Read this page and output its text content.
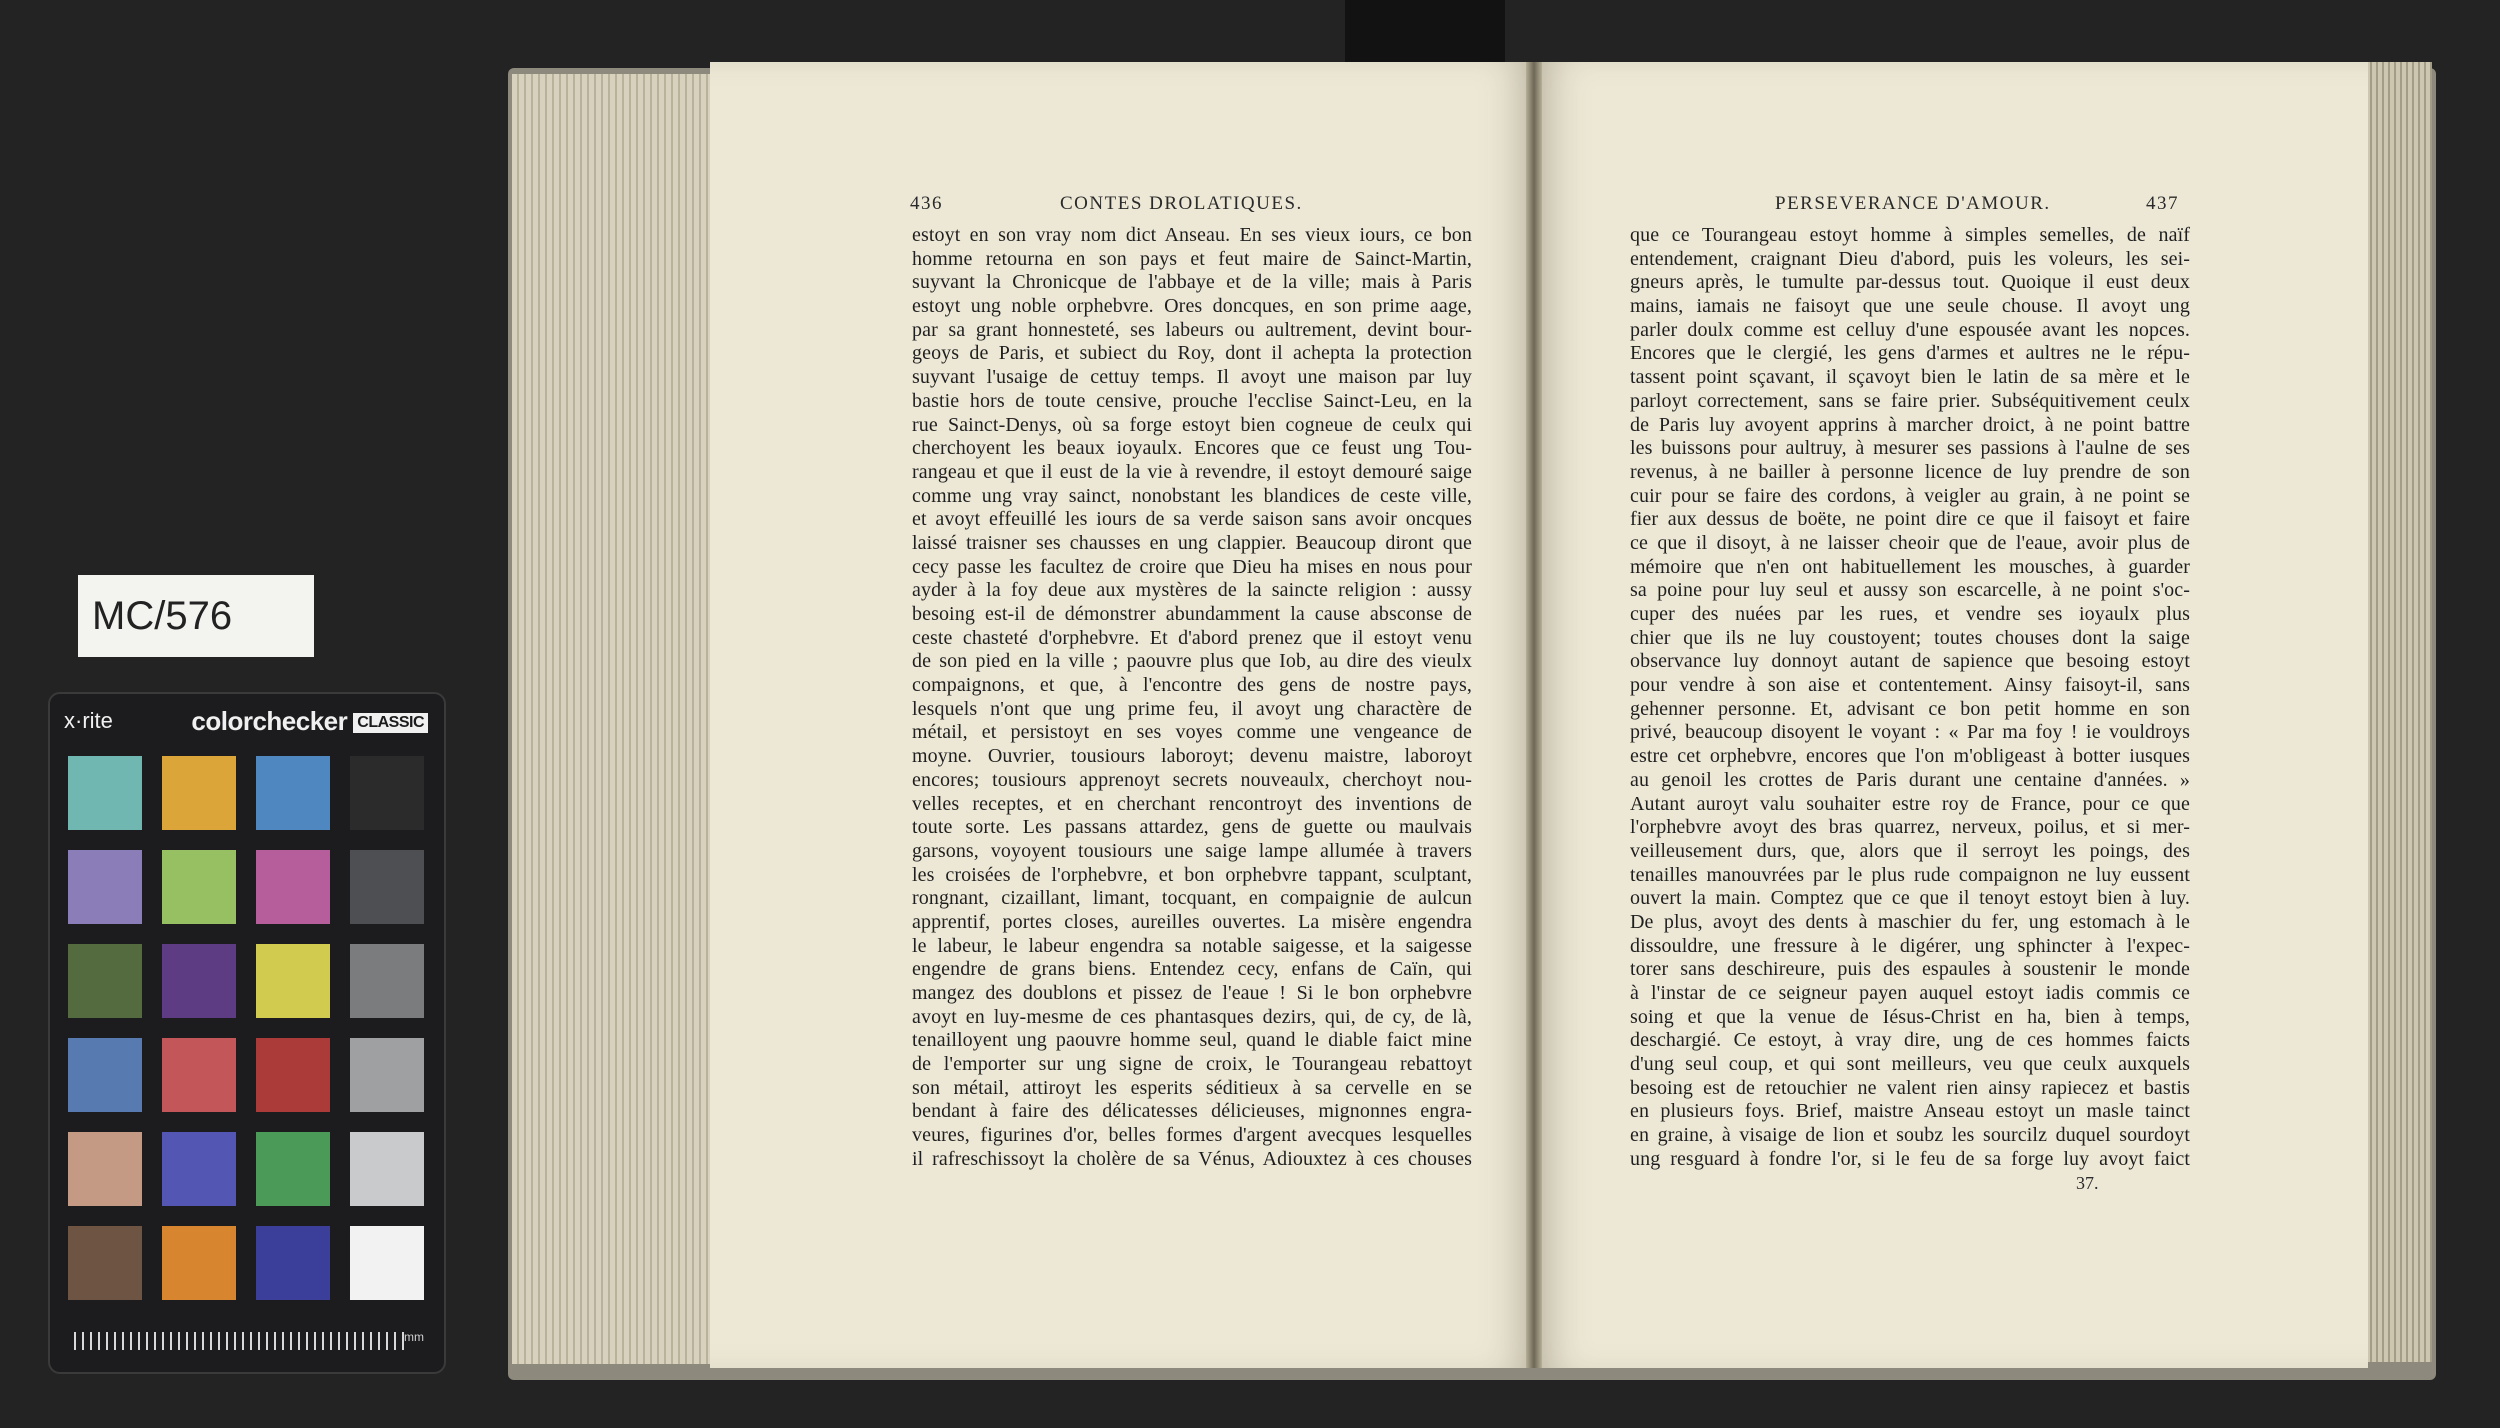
MC/576
x·rite	colorchecker CLASSIC
mm
436	CONTES DROLATIQUES.	PERSEVERANCE D'AMOUR.	437
estoyt en son vray nom dict Anseau. En ses vieux iours, ce bon
homme retourna en son pays et feut maire de Sainct-Martin,
suyvant la Chronicque de l'abbaye et de la ville; mais à Paris
estoyt ung noble orphebvre. Ores doncques, en son prime aage,
par sa grant honnesteté, ses labeurs ou aultrement, devint bour-
geoys de Paris, et subiect du Roy, dont il achepta la protection
suyvant l'usaige de cettuy temps. Il avoyt une maison par luy
bastie hors de toute censive, prouche l'ecclise Sainct-Leu, en la
rue Sainct-Denys, où sa forge estoyt bien cogneue de ceulx qui
cherchoyent les beaux ioyaulx. Encores que ce feust ung Tou-
rangeau et que il eust de la vie à revendre, il estoyt demouré saige
comme ung vray sainct, nonobstant les blandices de ceste ville,
et avoyt effeuillé les iours de sa verde saison sans avoir oncques
laissé traisner ses chausses en ung clappier. Beaucoup diront que
cecy passe les facultez de croire que Dieu ha mises en nous pour
ayder à la foy deue aux mystères de la saincte religion : aussy
besoing est-il de démonstrer abundamment la cause absconse de
ceste chasteté d'orphebvre. Et d'abord prenez que il estoyt venu
de son pied en la ville ; paouvre plus que Iob, au dire des vieulx
compaignons, et que, à l'encontre des gens de nostre pays,
lesquels n'ont que ung prime feu, il avoyt ung charactère de
métail, et persistoyt en ses voyes comme une vengeance de
moyne. Ouvrier, tousiours laboroyt; devenu maistre, laboroyt
encores; tousiours apprenoyt secrets nouveaulx, cherchoyt nou-
velles receptes, et en cherchant rencontroyt des inventions de
toute sorte. Les passans attardez, gens de guette ou maulvais
garsons, voyoyent tousiours une saige lampe allumée à travers
les croisées de l'orphebvre, et bon orphebvre tappant, sculptant,
rongnant, cizaillant, limant, tocquant, en compaignie de aulcun
apprentif, portes closes, aureilles ouvertes. La misère engendra
le labeur, le labeur engendra sa notable saigesse, et la saigesse
engendre de grans biens. Entendez cecy, enfans de Caïn, qui
mangez des doublons et pissez de l'eaue ! Si le bon orphebvre
avoyt en luy-mesme de ces phantasques dezirs, qui, de cy, de là,
tenailloyent ung paouvre homme seul, quand le diable faict mine
de l'emporter sur ung signe de croix, le Tourangeau rebattoyt
son métail, attiroyt les esperits séditieux à sa cervelle en se
bendant à faire des délicatesses délicieuses, mignonnes engra-
veures, figurines d'or, belles formes d'argent avecques lesquelles
il rafreschissoyt la cholère de sa Vénus, Adiouxtez à ces chouses
que ce Tourangeau estoyt homme à simples semelles, de naïf
entendement, craignant Dieu d'abord, puis les voleurs, les sei-
gneurs après, le tumulte par-dessus tout. Quoique il eust deux
mains, iamais ne faisoyt que une seule chouse. Il avoyt ung
parler doulx comme est celluy d'une espousée avant les nopces.
Encores que le clergié, les gens d'armes et aultres ne le répu-
tassent point sçavant, il sçavoyt bien le latin de sa mère et le
parloyt correctement, sans se faire prier. Subséquitivement ceulx
de Paris luy avoyent apprins à marcher droict, à ne point battre
les buissons pour aultruy, à mesurer ses passions à l'aulne de ses
revenus, à ne bailler à personne licence de luy prendre de son
cuir pour se faire des cordons, à veigler au grain, à ne point se
fier aux dessus de boëte, ne point dire ce que il faisoyt et faire
ce que il disoyt, à ne laisser cheoir que de l'eaue, avoir plus de
mémoire que n'en ont habituellement les mousches, à guarder
sa poine pour luy seul et aussy son escarcelle, à ne point s'oc-
cuper des nuées par les rues, et vendre ses ioyaulx plus
chier que ils ne luy coustoyent; toutes chouses dont la saige
observance luy donnoyt autant de sapience que besoing estoyt
pour vendre à son aise et contentement. Ainsy faisoyt-il, sans
gehenner personne. Et, advisant ce bon petit homme en son
privé, beaucoup disoyent le voyant : « Par ma foy ! ie vouldroys
estre cet orphebvre, encores que l'on m'obligeast à botter iusques
au genoil les crottes de Paris durant une centaine d'années. »
Autant auroyt valu souhaiter estre roy de France, pour ce que
l'orphebvre avoyt des bras quarrez, nerveux, poilus, et si mer-
veilleusement durs, que, alors que il serroyt les poings, des
tenailles manouvrées par le plus rude compaignon ne luy eussent
ouvert la main. Comptez que ce que il tenoyt estoyt bien à luy.
De plus, avoyt des dents à maschier du fer, ung estomach à le
dissouldre, une fressure à le digérer, ung sphincter à l'expec-
torer sans deschireure, puis des espaules à soustenir le monde
à l'instar de ce seigneur payen auquel estoyt iadis commis ce
soing et que la venue de Iésus-Christ en ha, bien à temps,
deschargié. Ce estoyt, à vray dire, ung de ces hommes faicts
d'ung seul coup, et qui sont meilleurs, veu que ceulx auxquels
besoing est de retouchier ne valent rien ainsy rapiecez et bastis
en plusieurs foys. Brief, maistre Anseau estoyt un masle tainct
en graine, à visaige de lion et soubz les sourcilz duquel sourdoyt
ung resguard à fondre l'or, si le feu de sa forge luy avoyt faict
37.
